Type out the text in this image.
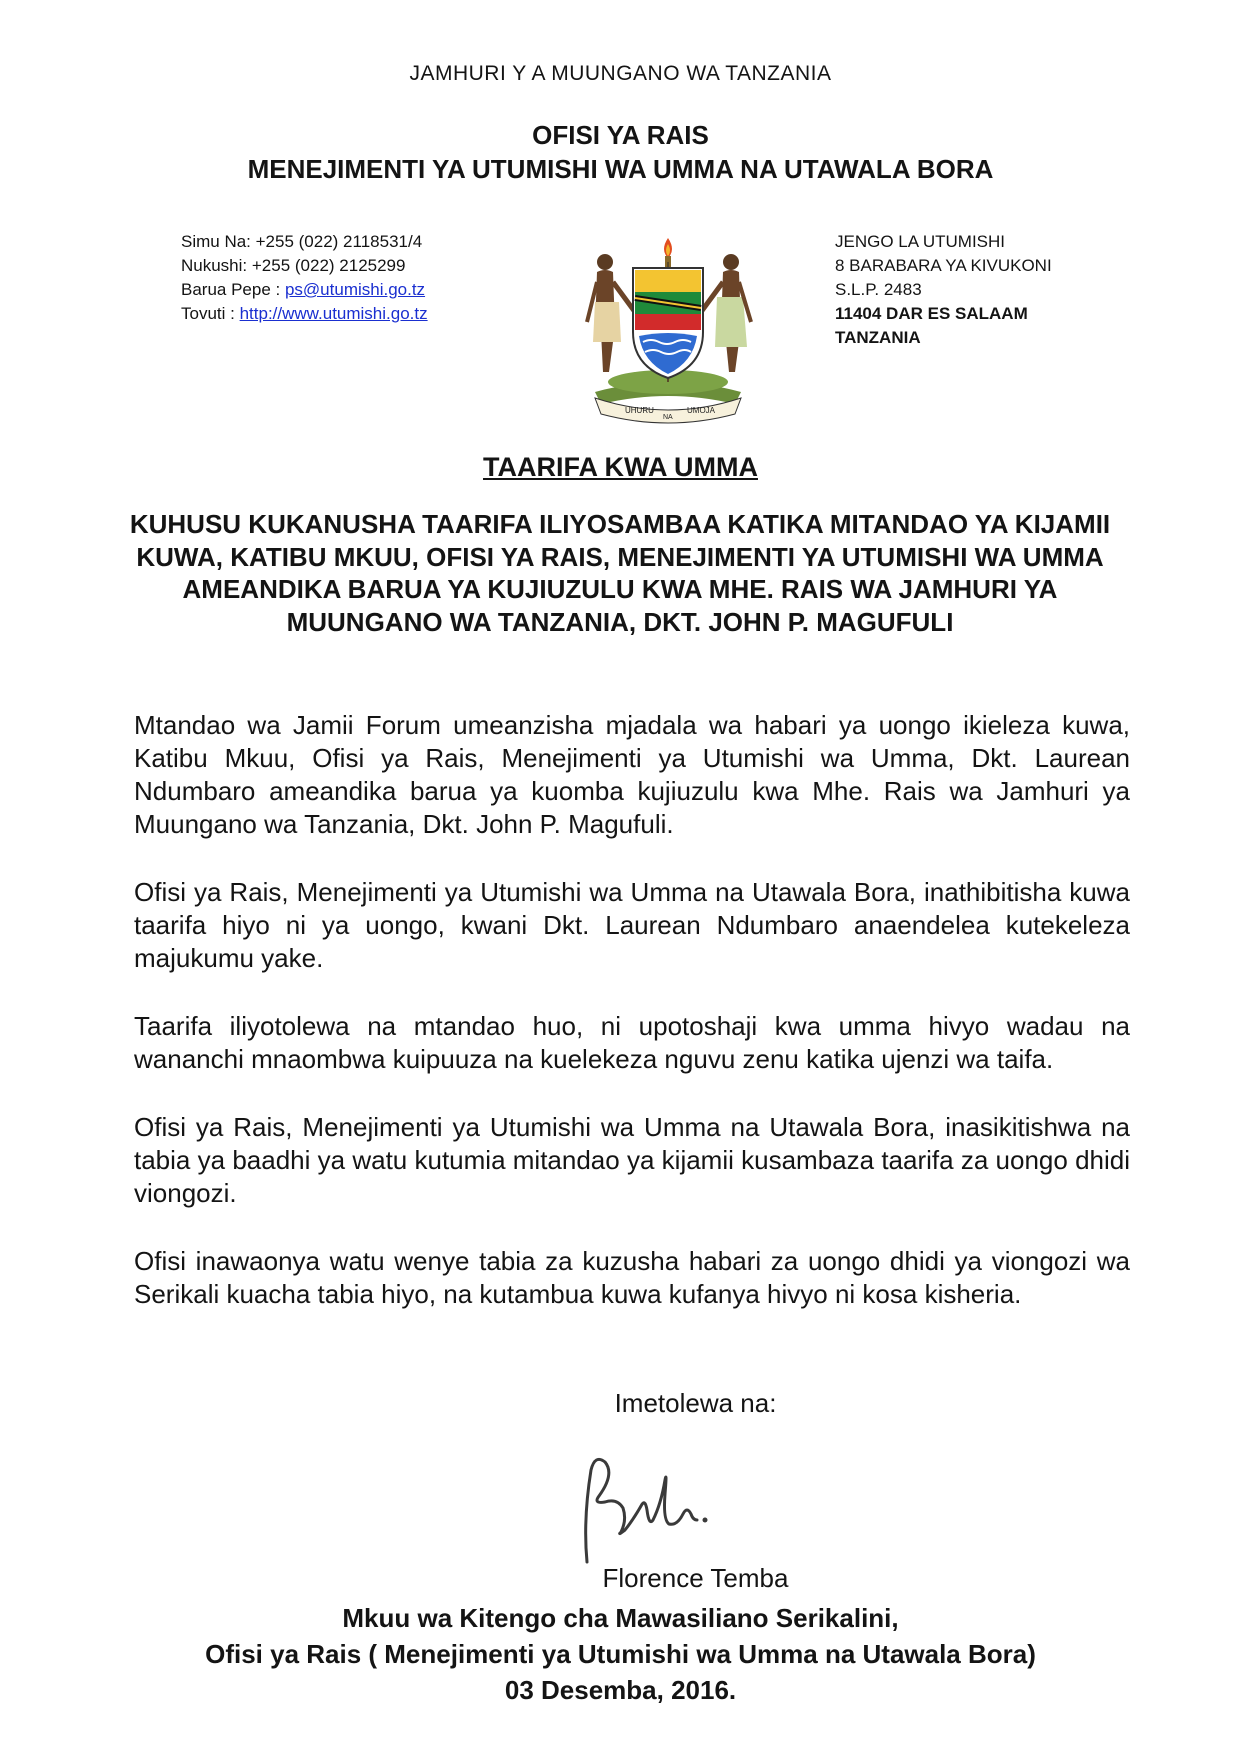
JAMHURI Y A MUUNGANO WA TANZANIA
OFISI YA RAIS
MENEJIMENTI YA UTUMISHI WA UMMA NA UTAWALA BORA
Simu Na: +255 (022) 2118531/4
Nukushi: +255 (022) 2125299
Barua Pepe : ps@utumishi.go.tz
Tovuti : http://www.utumishi.go.tz
UHURU
NA
UMOJA
JENGO LA UTUMISHI
8 BARABARA YA KIVUKONI
S.L.P. 2483
11404 DAR ES SALAAM
TANZANIA
TAARIFA KWA UMMA
KUHUSU KUKANUSHA TAARIFA ILIYOSAMBAA KATIKA MITANDAO YA KIJAMII KUWA, KATIBU MKUU, OFISI YA RAIS, MENEJIMENTI YA UTUMISHI WA UMMA AMEANDIKA BARUA YA KUJIUZULU KWA MHE. RAIS WA JAMHURI YA MUUNGANO WA TANZANIA, DKT. JOHN P. MAGUFULI

Mtandao wa Jamii Forum umeanzisha mjadala wa habari ya uongo ikieleza kuwa, Katibu Mkuu, Ofisi ya Rais, Menejimenti ya Utumishi wa Umma, Dkt. Laurean Ndumbaro ameandika barua ya kuomba kujiuzulu kwa Mhe. Rais wa Jamhuri ya Muungano wa Tanzania, Dkt. John P. Magufuli.

Ofisi ya Rais, Menejimenti ya Utumishi wa Umma na Utawala Bora, inathibitisha kuwa taarifa hiyo ni ya uongo, kwani Dkt. Laurean Ndumbaro anaendelea kutekeleza majukumu yake.

Taarifa iliyotolewa na mtandao huo, ni upotoshaji kwa umma hivyo wadau na wananchi mnaombwa kuipuuza na kuelekeza nguvu zenu katika ujenzi wa taifa.

Ofisi ya Rais, Menejimenti ya Utumishi wa Umma na Utawala Bora, inasikitishwa na tabia ya baadhi ya watu kutumia mitandao ya kijamii kusambaza taarifa za uongo dhidi viongozi.

Ofisi inawaonya watu wenye tabia za kuzusha habari za uongo dhidi ya viongozi wa Serikali kuacha tabia hiyo, na kutambua kuwa kufanya hivyo ni kosa kisheria.

Imetolewa na:
Florence Temba
Mkuu wa Kitengo cha Mawasiliano Serikalini,
Ofisi ya Rais ( Menejimenti ya Utumishi wa Umma na Utawala Bora)
03 Desemba, 2016.
